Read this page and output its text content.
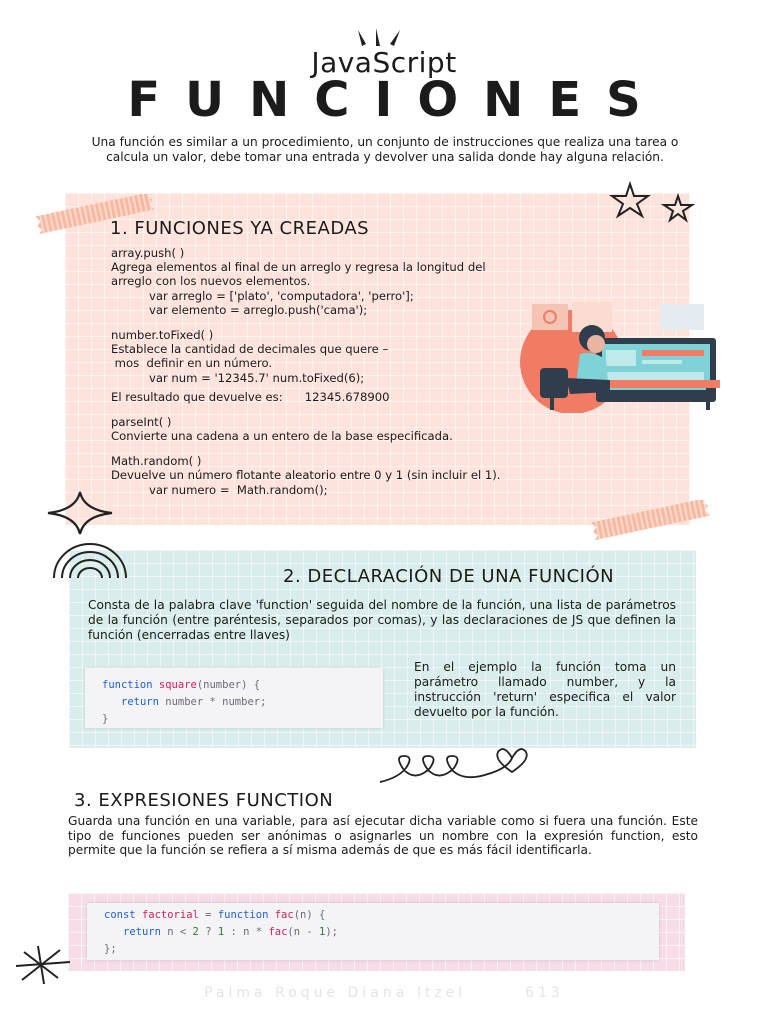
JavaScript
FUNCIONES
Una función es similar a un procedimiento, un conjunto de instrucciones que realiza una tarea o calcula un valor, debe tomar una entrada y devolver una salida donde hay alguna relación.
1. FUNCIONES YA CREADAS
array.push( )
Agrega elementos al final de un arreglo y regresa la longitud del
arreglo con los nuevos elementos.
var arreglo = ['plato', 'computadora', 'perro'];
var elemento = arreglo.push('cama');
number.toFixed( )
Establece la cantidad de decimales que quere –
mos  definir en un número.
var num = '12345.7' num.toFixed(6);
El resultado que devuelve es:      12345.678900
parseInt( )
Convierte una cadena a un entero de la base especificada.
Math.random( )
Devuelve un número flotante aleatorio entre 0 y 1 (sin incluir el 1).
var numero =  Math.random();
2. DECLARACIÓN DE UNA FUNCIÓN
Consta de la palabra clave 'function' seguida del nombre de la función, una lista de parámetros de la función (entre paréntesis, separados por comas), y las declaraciones de JS que definen la función (encerradas entre llaves)
function square(number) {
return number * number;
}
En el ejemplo la función toma un parámetro llamado number, y la instrucción 'return' especifica el valor devuelto por la función.
3. EXPRESIONES FUNCTION
Guarda una función en una variable, para así ejecutar dicha variable como si fuera una función. Este tipo de funciones pueden ser anónimas o asignarles un nombre con la expresión function, esto permite que la función se refiera a sí misma además de que es más fácil identificarla.
const factorial = function fac(n) {
return n < 2 ? 1 : n * fac(n - 1);
};
Palma Roque Diana Itzel	613
